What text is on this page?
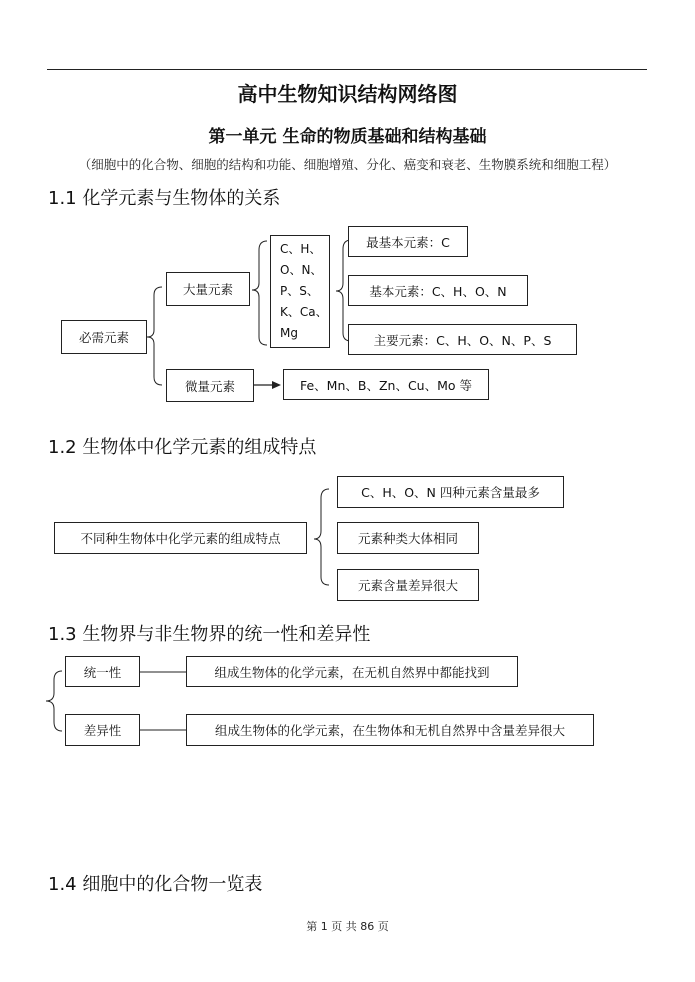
高中生物知识结构网络图
第一单元 生命的物质基础和结构基础
（细胞中的化合物、细胞的结构和功能、细胞增殖、分化、癌变和衰老、生物膜系统和细胞工程）
1.1 化学元素与生物体的关系
必需元素
大量元素
C、H、
O、N、
P、S、
K、Ca、
Mg
最基本元素：C
基本元素：C、H、O、N
主要元素：C、H、O、N、P、S
微量元素	Fe、Mn、B、Zn、Cu、Mo 等
1.2 生物体中化学元素的组成特点
不同种生物体中化学元素的组成特点
C、H、O、N 四种元素含量最多
元素种类大体相同
元素含量差异很大
1.3 生物界与非生物界的统一性和差异性
统一性	组成生物体的化学元素，在无机自然界中都能找到
差异性	组成生物体的化学元素，在生物体和无机自然界中含量差异很大
1.4 细胞中的化合物一览表
第 1 页 共 86 页
